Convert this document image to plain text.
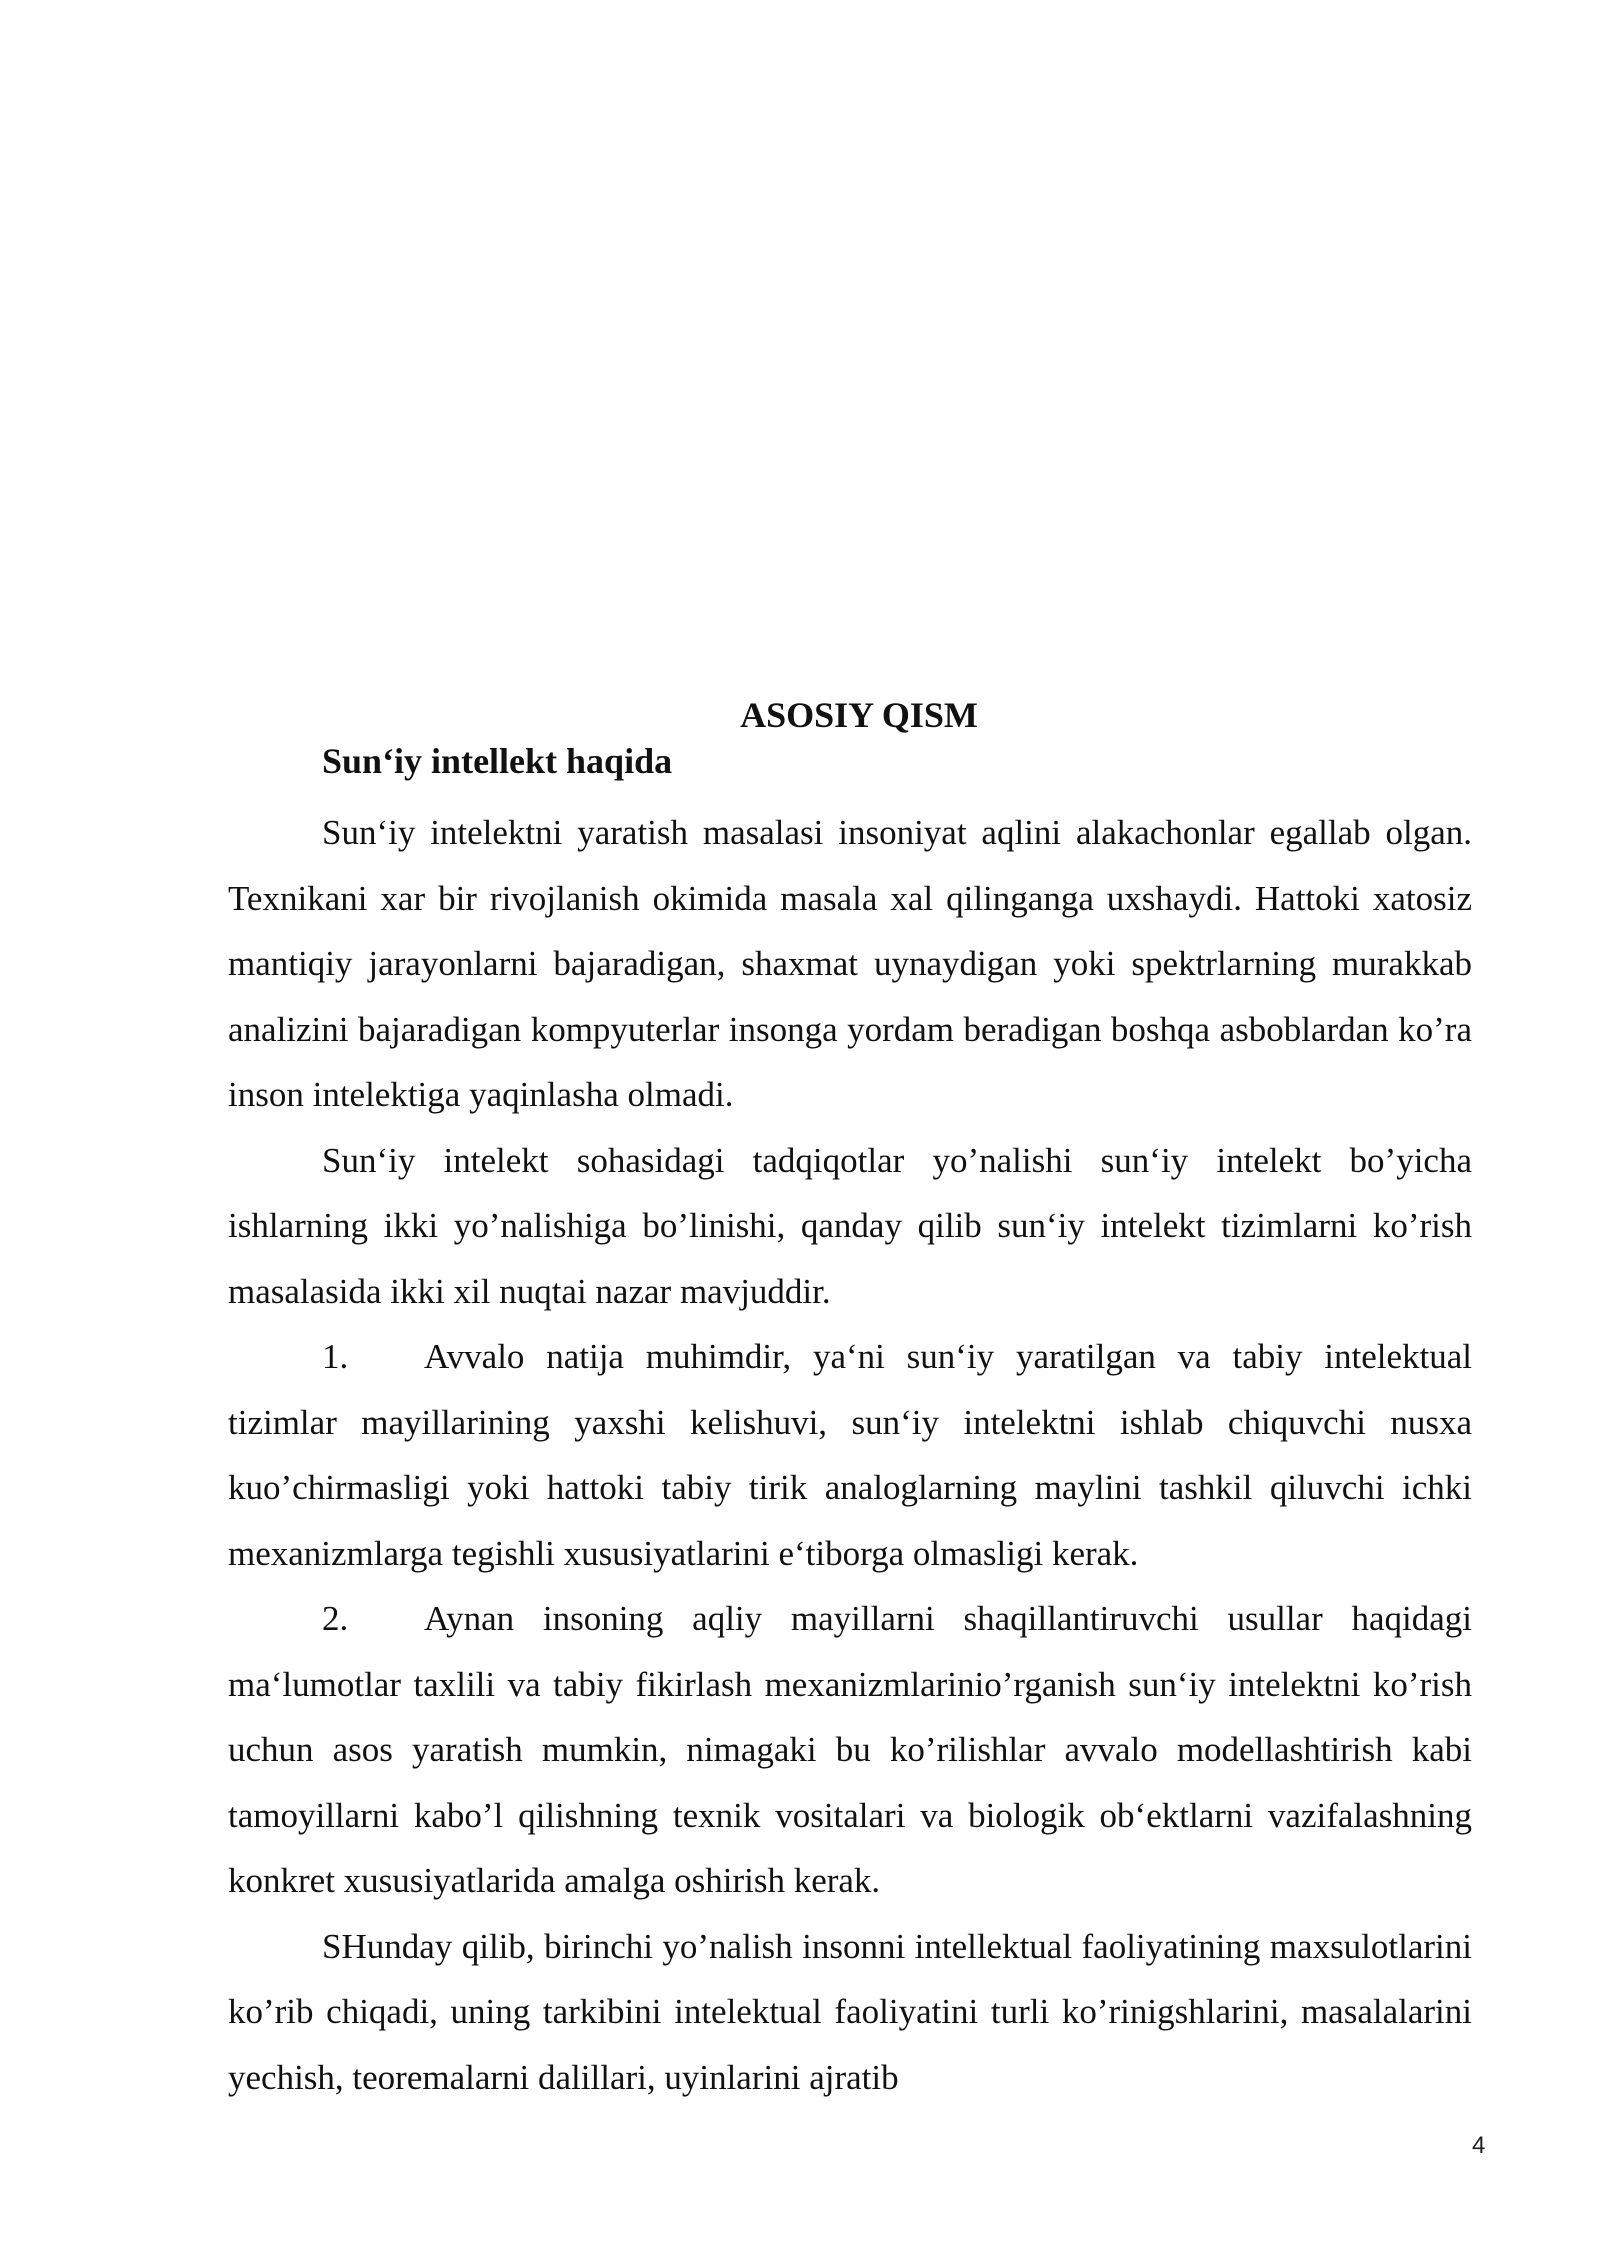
ASOSIY QISM
Sun‘iy intellekt haqida

Sun‘iy intelektni yaratish masalasi insoniyat aqlini alakachonlar egallab olgan. Texnikani xar bir rivojlanish okimida masala xal qilinganga uxshaydi. Hattoki xatosiz mantiqiy jarayonlarni bajaradigan, shaxmat uynaydigan yoki spektrlarning murakkab analizini bajaradigan kompyuterlar insonga yordam beradigan boshqa asboblardan ko’ra inson intelektiga yaqinlasha olmadi.

Sun‘iy intelekt sohasidagi tadqiqotlar yo’nalishi sun‘iy intelekt bo’yicha ishlarning ikki yo’nalishiga bo’linishi, qanday qilib sun‘iy intelekt tizimlarni ko’rish masalasida ikki xil nuqtai nazar mavjuddir.

1. Avvalo natija muhimdir, ya‘ni sun‘iy yaratilgan va tabiy intelektual tizimlar mayillarining yaxshi kelishuvi, sun‘iy intelektni ishlab chiquvchi nusxa kuo’chirmasligi yoki hattoki tabiy tirik analoglarning maylini tashkil qiluvchi ichki mexanizmlarga tegishli xususiyatlarini e‘tiborga olmasligi kerak.

2. Aynan insoning aqliy mayillarni shaqillantiruvchi usullar haqidagi ma‘lumotlar taxlili va tabiy fikirlash mexanizmlarinio’rganish sun‘iy intelektni ko’rish uchun asos yaratish mumkin, nimagaki bu ko’rilishlar avvalo modellashtirish kabi tamoyillarni kabo’l qilishning texnik vositalari va biologik ob‘ektlarni vazifalashning konkret xususiyatlarida amalga oshirish kerak.

SHunday qilib, birinchi yo’nalish insonni intellektual faoliyatining maxsulotlarini ko’rib chiqadi, uning tarkibini intelektual faoliyatini turli ko’rinigshlarini, masalalarini yechish, teoremalarni dalillari, uyinlarini ajratib

4
